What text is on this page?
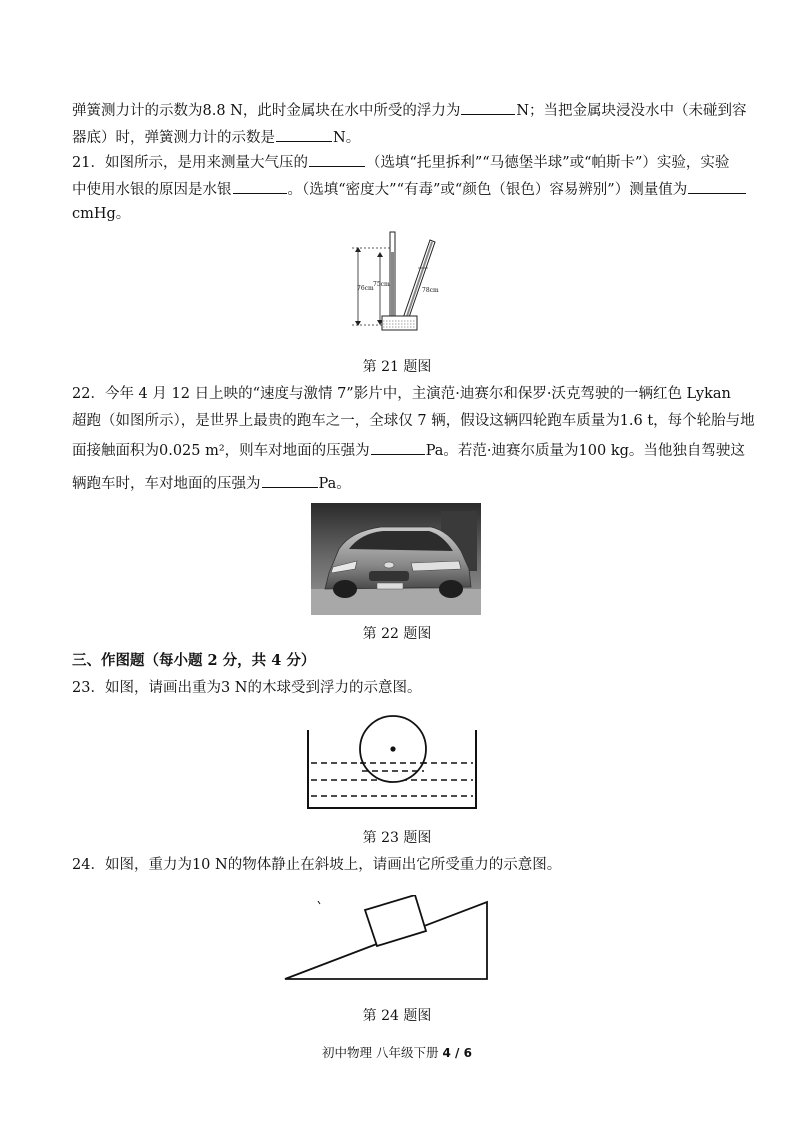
弹簧测力计的示数为8.8 N，此时金属块在水中所受的浮力为	N；当把金属块浸没水中（未碰到容
器底）时，弹簧测力计的示数是	N。
21．如图所示，是用来测量大气压的	（选填“托里拆利”“马德堡半球”或“帕斯卡”）实验，实验
中使用水银的原因是水银	。（选填“密度大”“有毒”或“颜色（银色）容易辨别”）测量值为
cmHg。
76cm
75cm
78cm
第 21 题图
22．今年 4 月 12 日上映的“速度与激情 7”影片中，主演范·迪赛尔和保罗·沃克驾驶的一辆红色 Lykan
超跑（如图所示），是世界上最贵的跑车之一，全球仅 7 辆，假设这辆四轮跑车质量为1.6 t，每个轮胎与地
面接触面积为0.025 m²，则车对地面的压强为	Pa。若范·迪赛尔质量为100 kg。当他独自驾驶这
辆跑车时，车对地面的压强为	Pa。
第 22 题图
三、作图题（每小题 2 分，共 4 分）
23．如图，请画出重为3 N的木球受到浮力的示意图。
第 23 题图
24．如图，重力为10 N的物体静止在斜坡上，请画出它所受重力的示意图。
第 24 题图
初中物理 八年级下册 4 / 6
